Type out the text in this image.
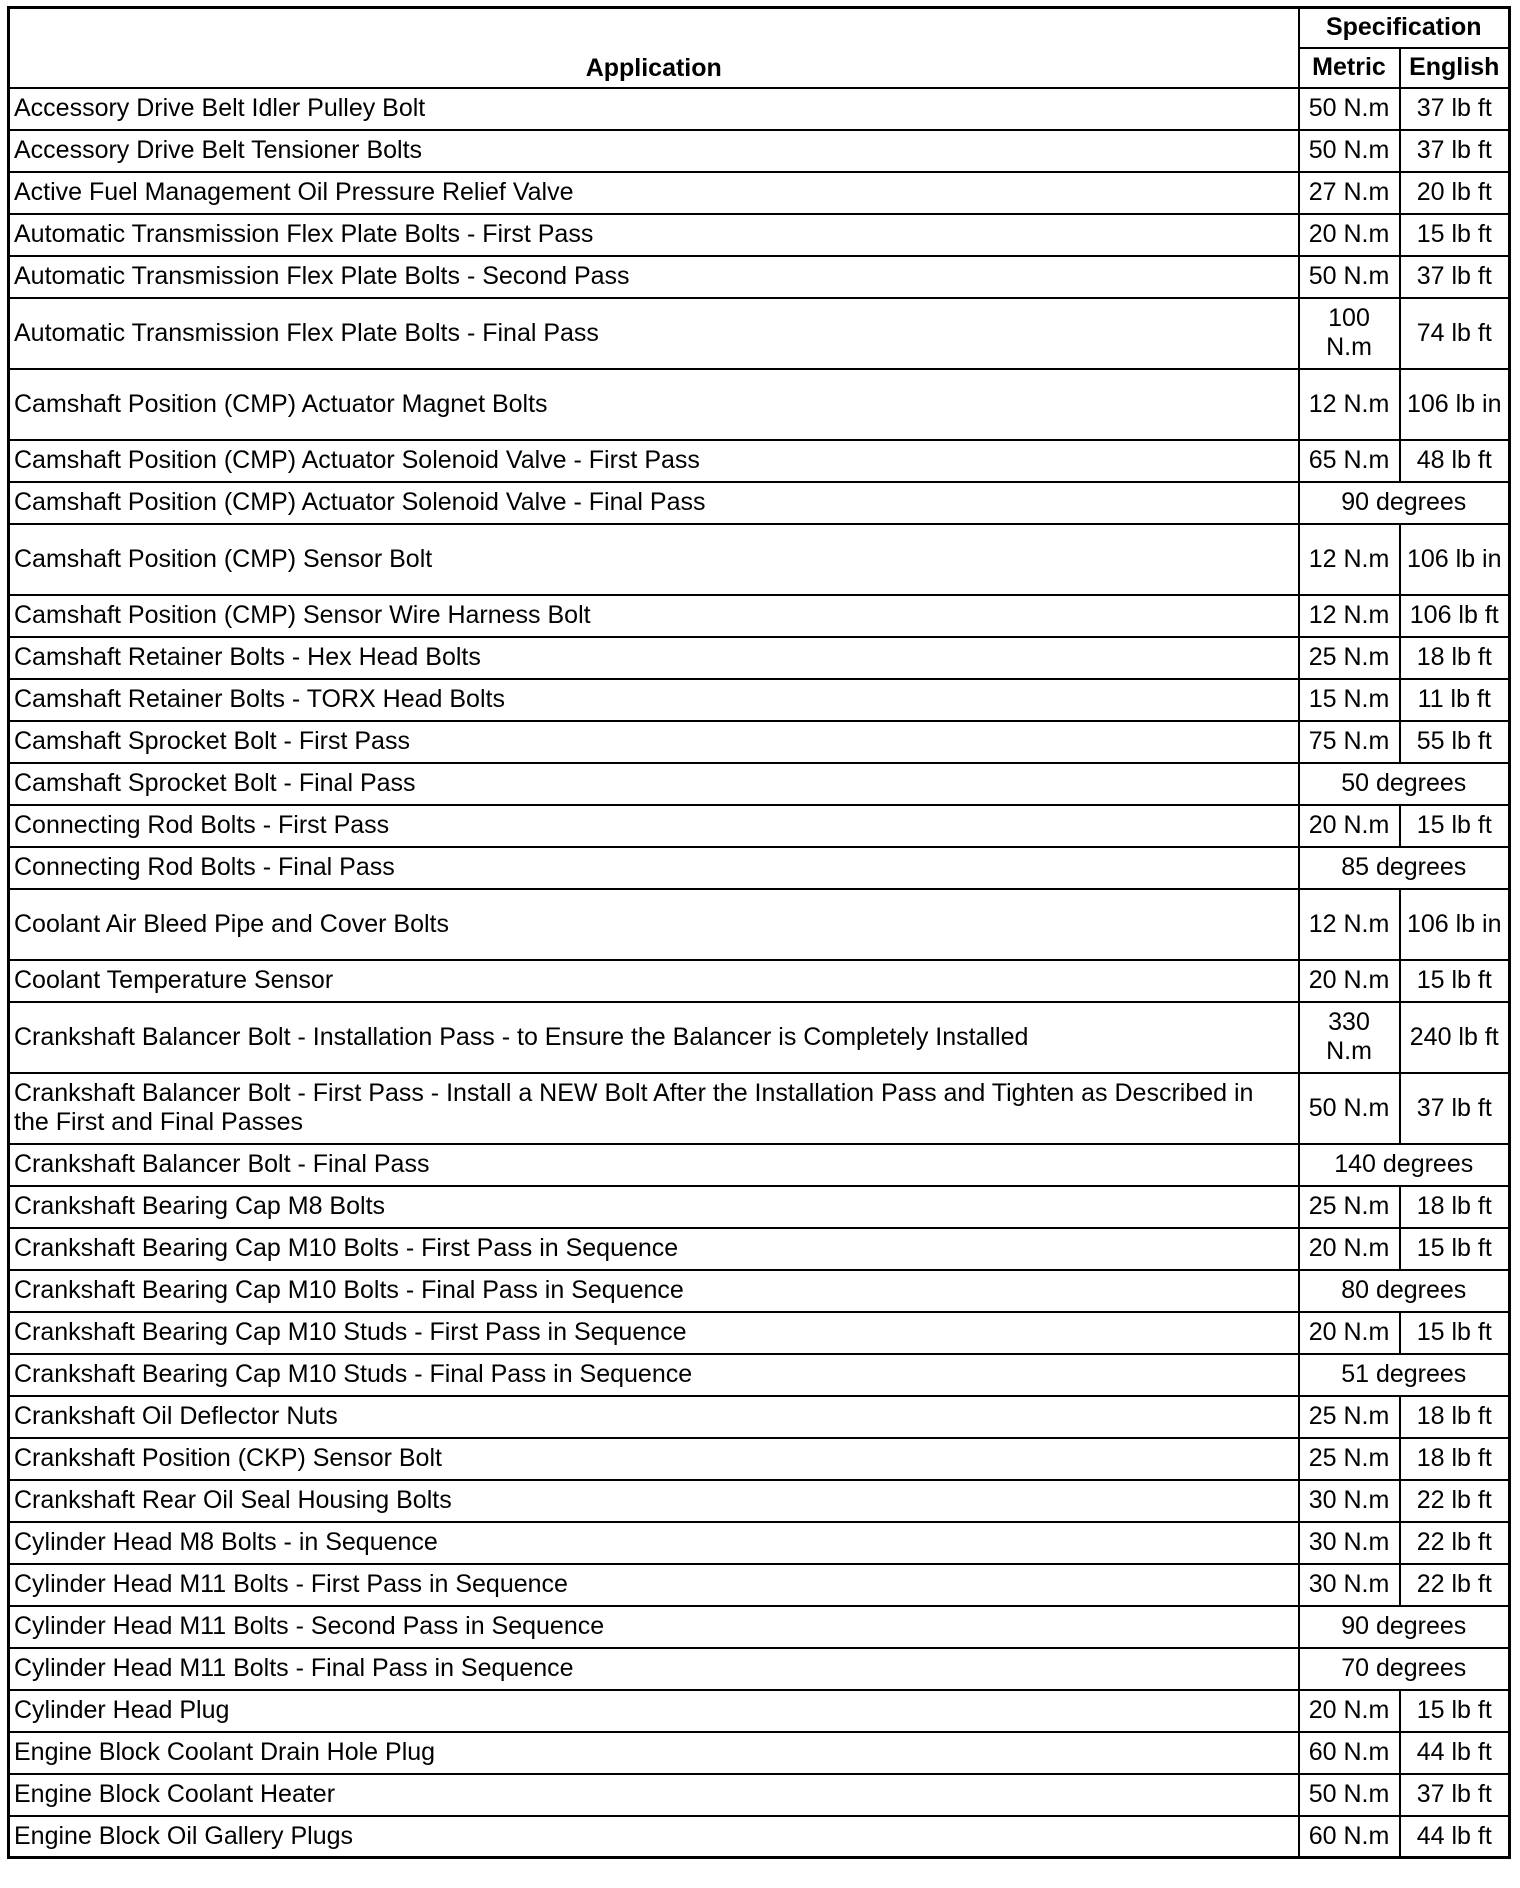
Application	Specification	
	Metric	English
Accessory Drive Belt Idler Pulley Bolt	50 N.m	37 lb ft
Accessory Drive Belt Tensioner Bolts	50 N.m	37 lb ft
Active Fuel Management Oil Pressure Relief Valve	27 N.m	20 lb ft
Automatic Transmission Flex Plate Bolts - First Pass	20 N.m	15 lb ft
Automatic Transmission Flex Plate Bolts - Second Pass	50 N.m	37 lb ft
Automatic Transmission Flex Plate Bolts - Final Pass	100 N.m	74 lb ft
Camshaft Position (CMP) Actuator Magnet Bolts	12 N.m	106 lb in
Camshaft Position (CMP) Actuator Solenoid Valve - First Pass	65 N.m	48 lb ft
Camshaft Position (CMP) Actuator Solenoid Valve - Final Pass	90 degrees	
Camshaft Position (CMP) Sensor Bolt	12 N.m	106 lb in
Camshaft Position (CMP) Sensor Wire Harness Bolt	12 N.m	106 lb ft
Camshaft Retainer Bolts - Hex Head Bolts	25 N.m	18 lb ft
Camshaft Retainer Bolts - TORX Head Bolts	15 N.m	11 lb ft
Camshaft Sprocket Bolt - First Pass	75 N.m	55 lb ft
Camshaft Sprocket Bolt - Final Pass	50 degrees	
Connecting Rod Bolts - First Pass	20 N.m	15 lb ft
Connecting Rod Bolts - Final Pass	85 degrees	
Coolant Air Bleed Pipe and Cover Bolts	12 N.m	106 lb in
Coolant Temperature Sensor	20 N.m	15 lb ft
Crankshaft Balancer Bolt - Installation Pass - to Ensure the Balancer is Completely Installed	330 N.m	240 lb ft
Crankshaft Balancer Bolt - First Pass - Install a NEW Bolt After the Installation Pass and Tighten as Described in the First and Final Passes	50 N.m	37 lb ft
Crankshaft Balancer Bolt - Final Pass	140 degrees	
Crankshaft Bearing Cap M8 Bolts	25 N.m	18 lb ft
Crankshaft Bearing Cap M10 Bolts - First Pass in Sequence	20 N.m	15 lb ft
Crankshaft Bearing Cap M10 Bolts - Final Pass in Sequence	80 degrees	
Crankshaft Bearing Cap M10 Studs - First Pass in Sequence	20 N.m	15 lb ft
Crankshaft Bearing Cap M10 Studs - Final Pass in Sequence	51 degrees	
Crankshaft Oil Deflector Nuts	25 N.m	18 lb ft
Crankshaft Position (CKP) Sensor Bolt	25 N.m	18 lb ft
Crankshaft Rear Oil Seal Housing Bolts	30 N.m	22 lb ft
Cylinder Head M8 Bolts - in Sequence	30 N.m	22 lb ft
Cylinder Head M11 Bolts - First Pass in Sequence	30 N.m	22 lb ft
Cylinder Head M11 Bolts - Second Pass in Sequence	90 degrees	
Cylinder Head M11 Bolts - Final Pass in Sequence	70 degrees	
Cylinder Head Plug	20 N.m	15 lb ft
Engine Block Coolant Drain Hole Plug	60 N.m	44 lb ft
Engine Block Coolant Heater	50 N.m	37 lb ft
Engine Block Oil Gallery Plugs	60 N.m	44 lb ft
